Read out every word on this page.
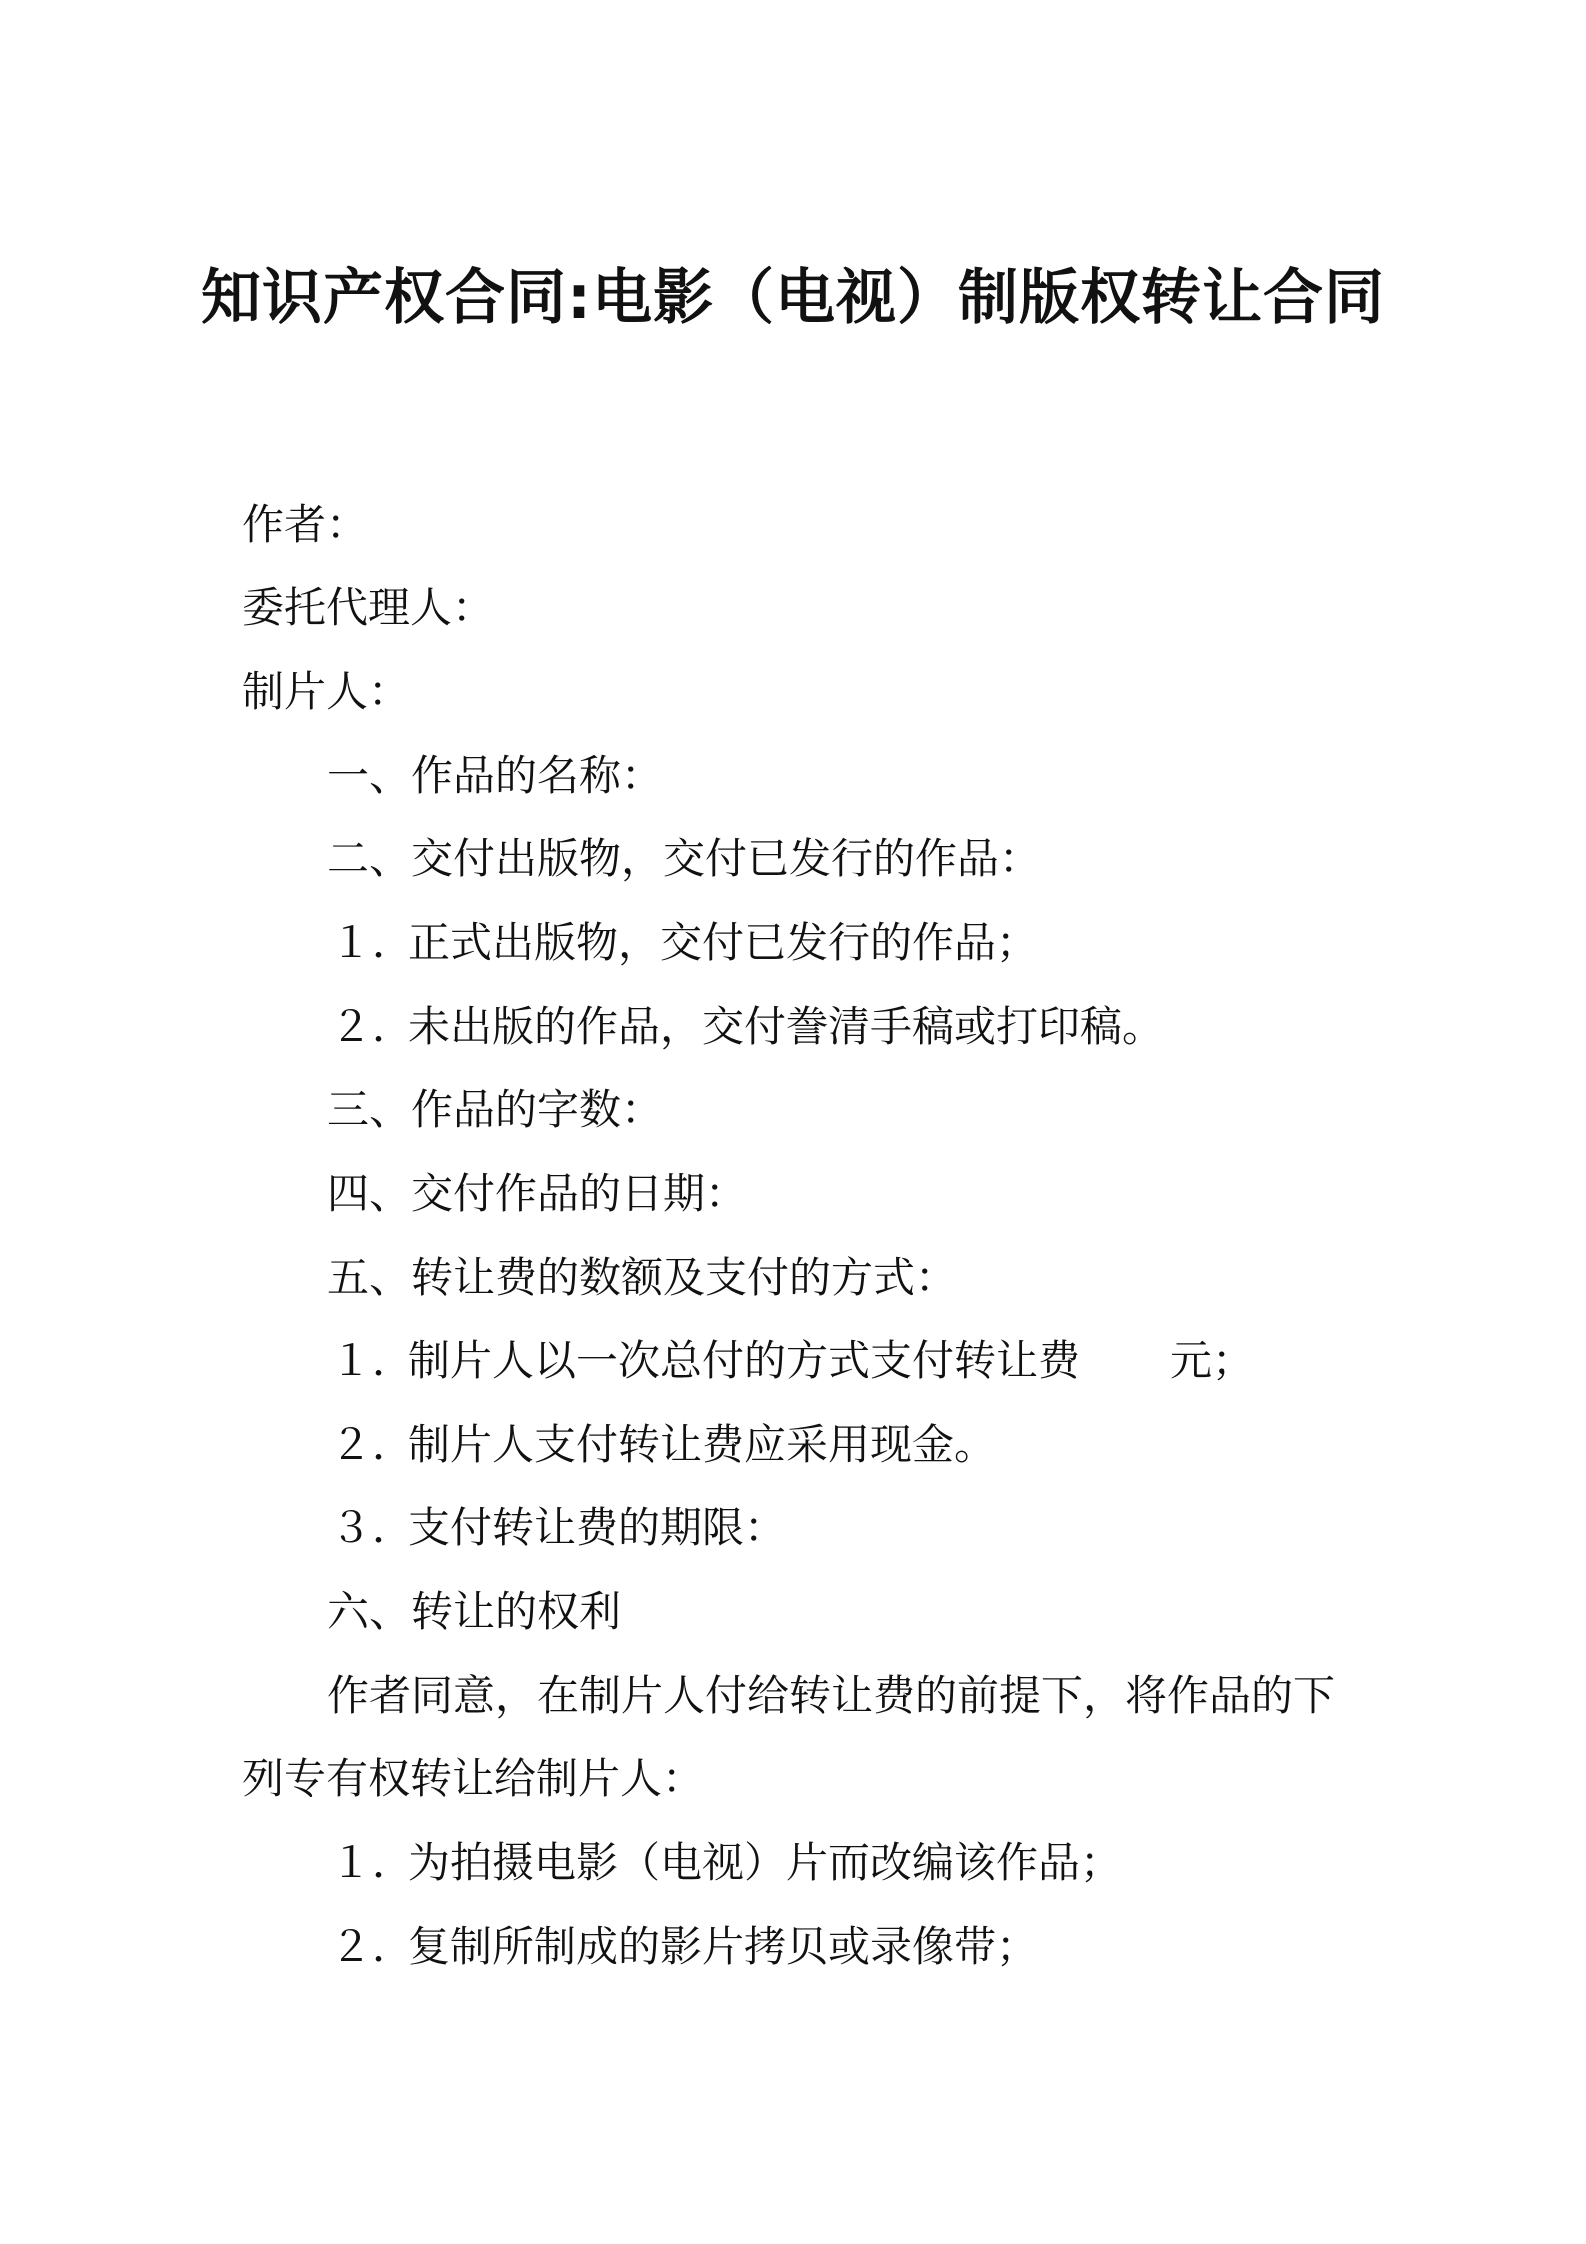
知识产权合同:电影（电视）制版权转让合同
作者：
委托代理人：
制片人：
一、作品的名称：
二、交付出版物，交付已发行的作品：
１．正式出版物，交付已发行的作品；
２．未出版的作品，交付誊清手稿或打印稿。
三、作品的字数：
四、交付作品的日期：
五、转让费的数额及支付的方式：
１．制片人以一次总付的方式支付转让费 元；
２．制片人支付转让费应采用现金。
３．支付转让费的期限：
六、转让的权利
作者同意，在制片人付给转让费的前提下，将作品的下
列专有权转让给制片人：
１．为拍摄电影（电视）片而改编该作品；
２．复制所制成的影片拷贝或录像带；
